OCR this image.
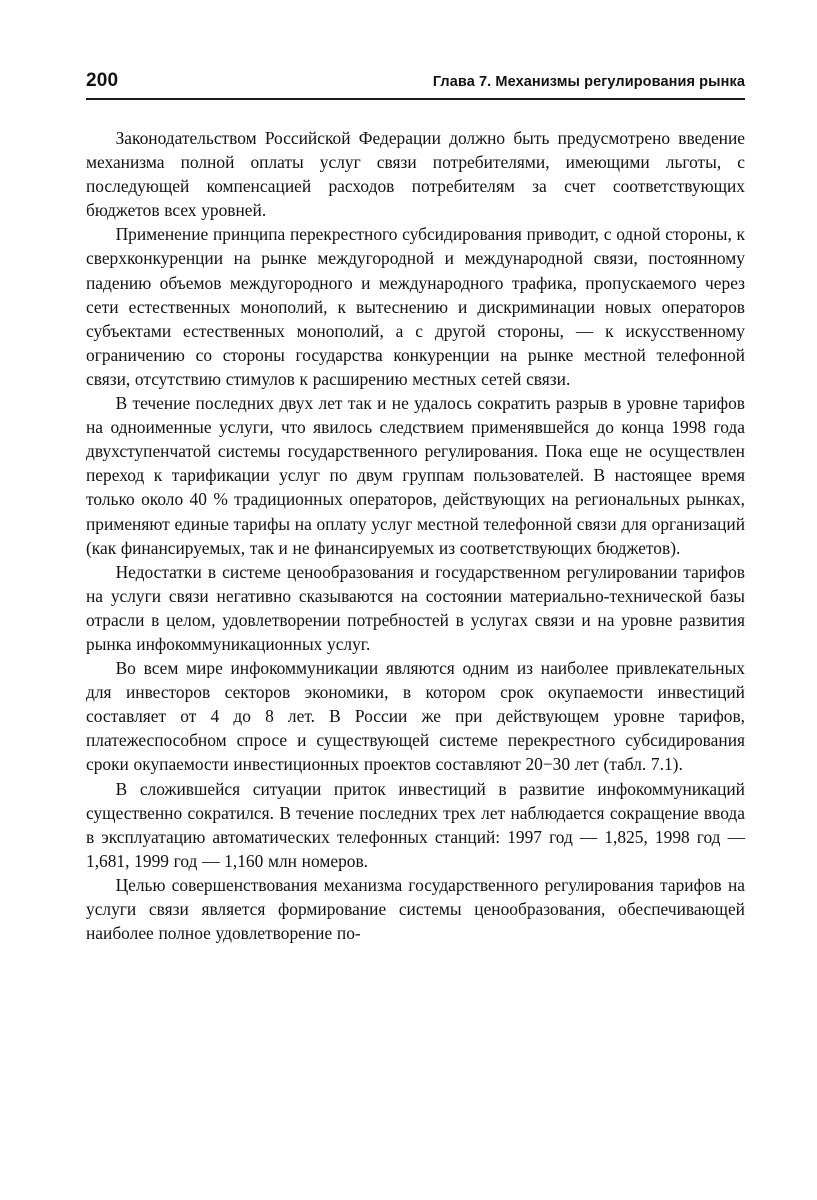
200	Глава 7. Механизмы регулирования рынка

Законодательством Российской Федерации должно быть предусмотрено введение механизма полной оплаты услуг связи потребителями, имеющими льготы, с последующей компенсацией расходов потребителям за счет соответствующих бюджетов всех уровней.

Применение принципа перекрестного субсидирования приводит, с одной стороны, к сверхконкуренции на рынке междугородной и международной связи, постоянному падению объемов междугородного и международного трафика, пропускаемого через сети естественных монополий, к вытеснению и дискриминации новых операторов субъектами естественных монополий, а с другой стороны, — к искусственному ограничению со стороны государства конкуренции на рынке местной телефонной связи, отсутствию стимулов к расширению местных сетей связи.

В течение последних двух лет так и не удалось сократить разрыв в уровне тарифов на одноименные услуги, что явилось следствием применявшейся до конца 1998 года двухступенчатой системы государственного регулирования. Пока еще не осуществлен переход к тарификации услуг по двум группам пользователей. В настоящее время только около 40 % традиционных операторов, действующих на региональных рынках, применяют единые тарифы на оплату услуг местной телефонной связи для организаций (как финансируемых, так и не финансируемых из соответствующих бюджетов).

Недостатки в системе ценообразования и государственном регулировании тарифов на услуги связи негативно сказываются на состоянии материально-технической базы отрасли в целом, удовлетворении потребностей в услугах связи и на уровне развития рынка инфокоммуникационных услуг.

Во всем мире инфокоммуникации являются одним из наиболее привлекательных для инвесторов секторов экономики, в котором срок окупаемости инвестиций составляет от 4 до 8 лет. В России же при действующем уровне тарифов, платежеспособном спросе и существующей системе перекрестного субсидирования сроки окупаемости инвестиционных проектов составляют 20−30 лет (табл. 7.1).

В сложившейся ситуации приток инвестиций в развитие инфокоммуникаций существенно сократился. В течение последних трех лет наблюдается сокращение ввода в эксплуатацию автоматических телефонных станций: 1997 год — 1,825, 1998 год — 1,681, 1999 год — 1,160 млн номеров.

Целью совершенствования механизма государственного регулирования тарифов на услуги связи является формирование системы ценообразования, обеспечивающей наиболее полное удовлетворение по-
